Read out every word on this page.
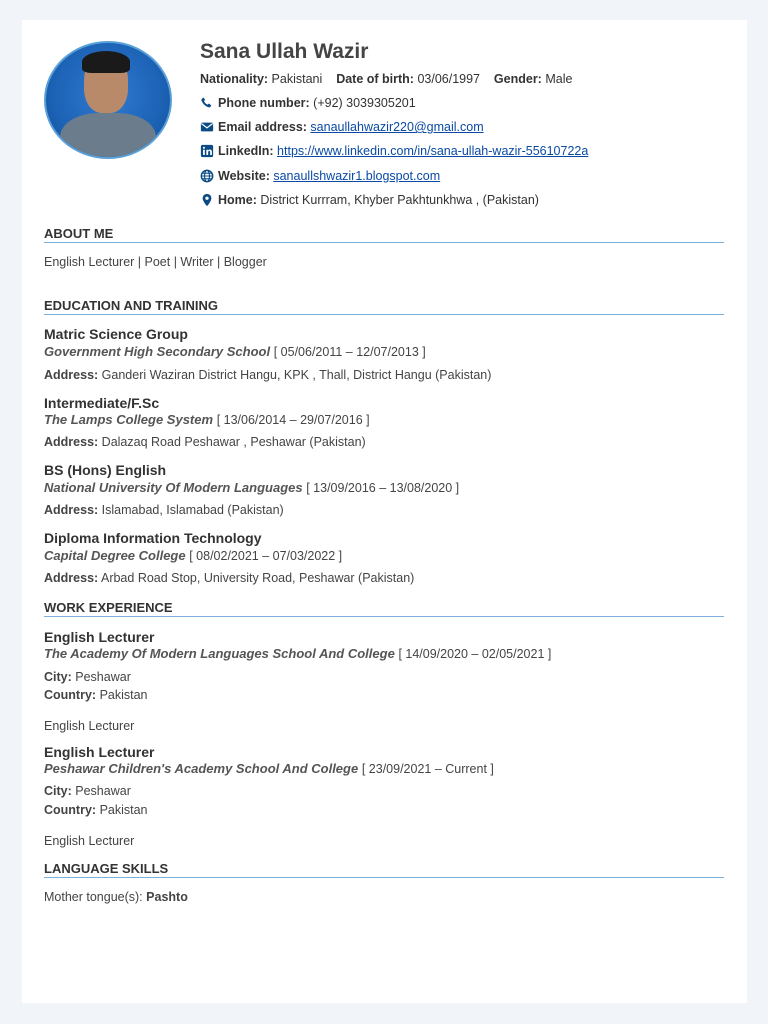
Sana Ullah Wazir
Nationality:
Pakistani
Date of birth:
03/06/1997
Gender:
Male
Phone number:
(+92) 3039305201
Email address:
sanaullahwazir220@gmail.com
LinkedIn:
https://www.linkedin.com/in/sana-ullah-wazir-55610722a
Website:
sanaullshwazir1.blogspot.com
Home:
District Kurrram, Khyber Pakhtunkhwa , (Pakistan)
ABOUT ME
English Lecturer | Poet | Writer | Blogger
EDUCATION AND TRAINING
Matric Science Group
Government High Secondary School [ 05/06/2011 – 12/07/2013 ]
Address: Ganderi Waziran District Hangu, KPK , Thall, District Hangu (Pakistan)
Intermediate/F.Sc
The Lamps College System [ 13/06/2014 – 29/07/2016 ]
Address: Dalazaq Road Peshawar , Peshawar (Pakistan)
BS (Hons) English
National University Of Modern Languages [ 13/09/2016 – 13/08/2020 ]
Address: Islamabad, Islamabad (Pakistan)
Diploma Information Technology
Capital Degree College [ 08/02/2021 – 07/03/2022 ]
Address: Arbad Road Stop, University Road, Peshawar (Pakistan)
WORK EXPERIENCE
English Lecturer
The Academy Of Modern Languages School And College [ 14/09/2020 – 02/05/2021 ]
City: Peshawar
Country: Pakistan
English Lecturer
English Lecturer
Peshawar Children's Academy School And College [ 23/09/2021 – Current ]
City: Peshawar
Country: Pakistan
English Lecturer
LANGUAGE SKILLS
Mother tongue(s): Pashto
